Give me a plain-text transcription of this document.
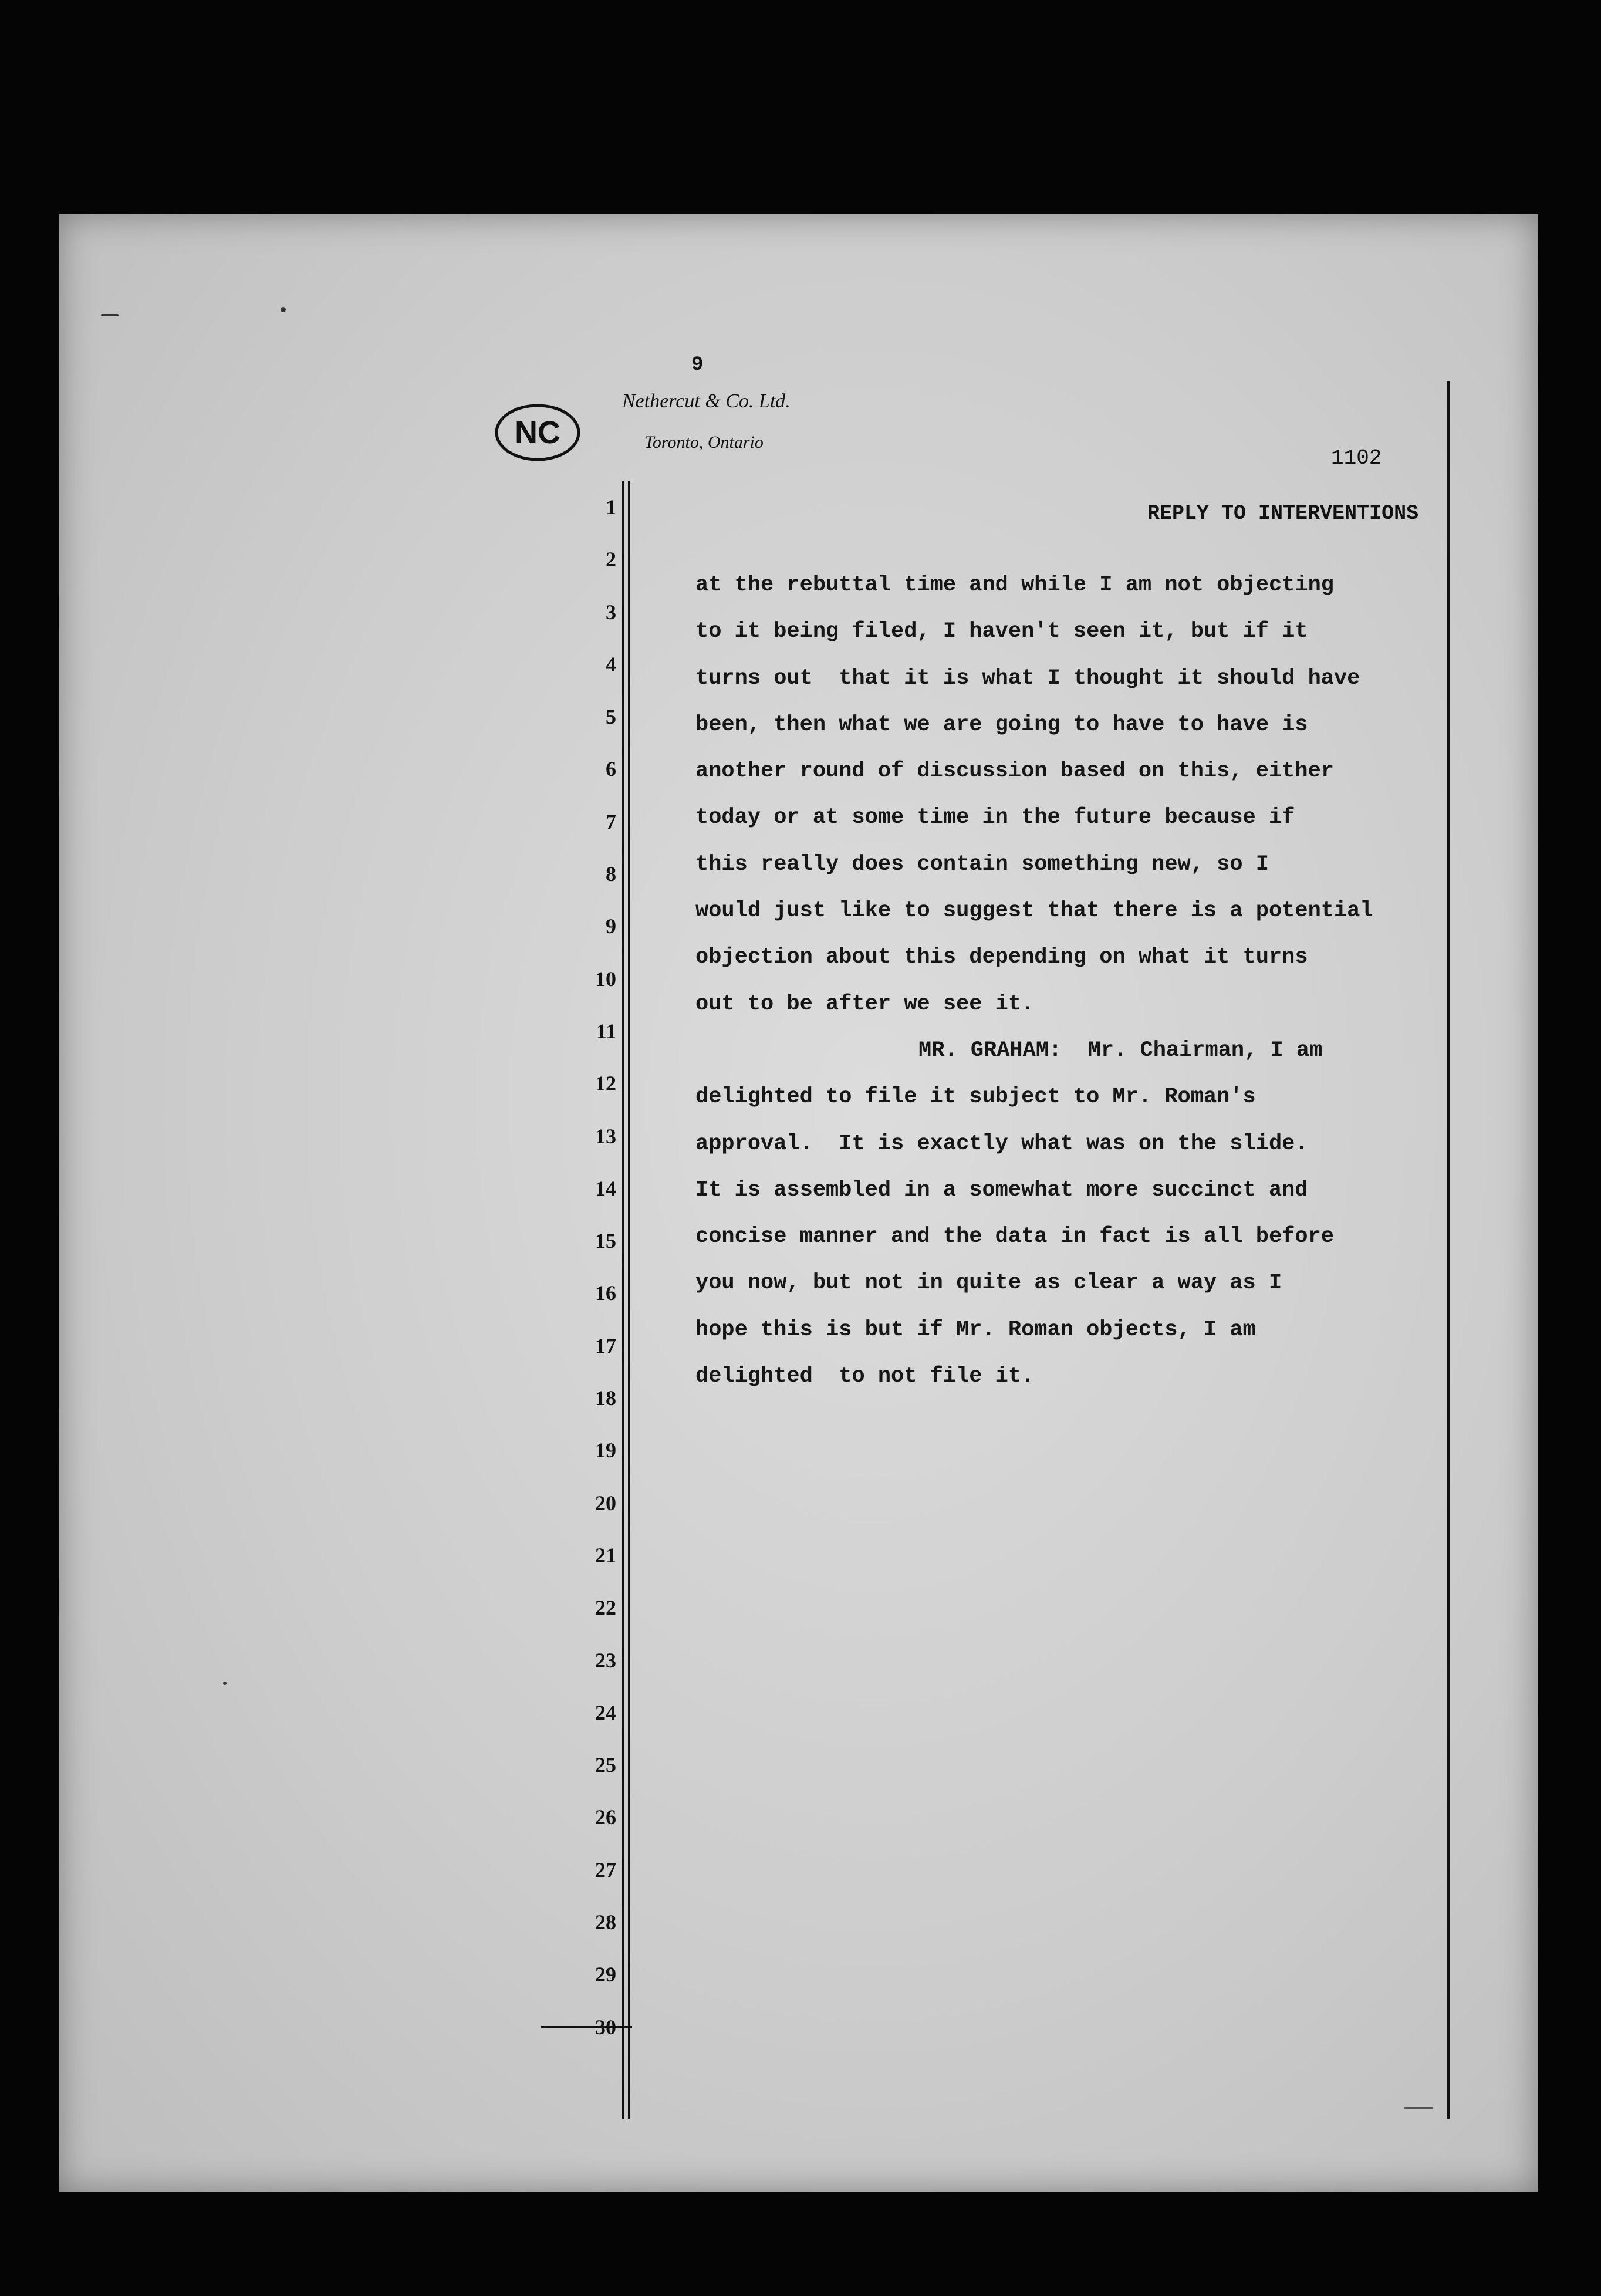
9
NC
Nethercut & Co. Ltd.
Toronto, Ontario
1102
REPLY TO INTERVENTIONS
1
2
3
4
5
6
7
8
9
10
11
12
13
14
15
16
17
18
19
20
21
22
23
24
25
26
27
28
29
30
at the rebuttal time and while I am not objecting
to it being filed, I haven't seen it, but if it
turns out  that it is what I thought it should have
been, then what we are going to have to have is
another round of discussion based on this, either
today or at some time in the future because if
this really does contain something new, so I
would just like to suggest that there is a potential
objection about this depending on what it turns
out to be after we see it.
MR. GRAHAM: Mr. Chairman, I am
delighted to file it subject to Mr. Roman's
approval.  It is exactly what was on the slide.
It is assembled in a somewhat more succinct and
concise manner and the data in fact is all before
you now, but not in quite as clear a way as I
hope this is but if Mr. Roman objects, I am
delighted  to not file it.
